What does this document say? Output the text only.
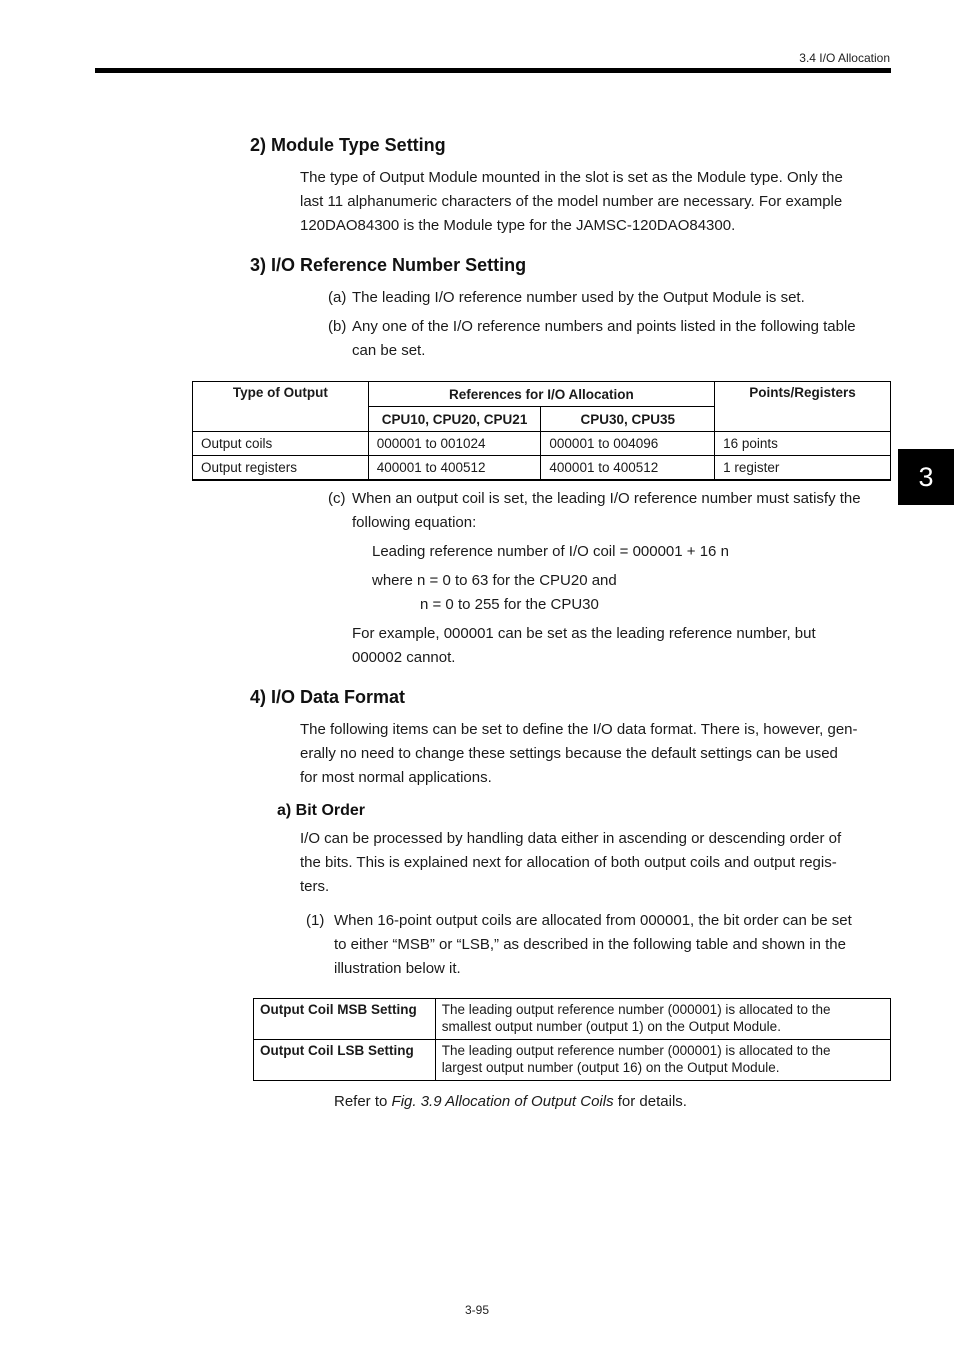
3.4 I/O Allocation
3
2) Module Type Setting

The type of Output Module mounted in the slot is set as the Module type. Only the
last 11 alphanumeric characters of the model number are necessary. For example
120DAO84300 is the Module type for the JAMSC-120DAO84300.

3) I/O Reference Number Setting
(a) The leading I/O reference number used by the Output Module is set.
(b) Any one of the I/O reference numbers and points listed in the following table
can be set.
Type of Output	References for I/O Allocation		Points/Registers
	CPU10, CPU20, CPU21	CPU30, CPU35	
Output coils	000001 to 001024	000001 to 004096	16 points
Output registers	400001 to 400512	400001 to 400512	1 register
(c) When an output coil is set, the leading I/O reference number must satisfy the
following equation:

Leading reference number of I/O coil = 000001 + 16 n

where n = 0 to 63 for the CPU20 and

n = 0 to 255 for the CPU30

For example, 000001 can be set as the leading reference number, but
000002 cannot.

4) I/O Data Format

The following items can be set to define the I/O data format. There is, however, gen-
erally no need to change these settings because the default settings can be used
for most normal applications.

a) Bit Order

I/O can be processed by handling data either in ascending or descending order of
the bits. This is explained next for allocation of both output coils and output regis-
ters.

(1) When 16-point output coils are allocated from 000001, the bit order can be set
to either “MSB” or “LSB,” as described in the following table and shown in the
illustration below it.
Output Coil MSB Setting	The leading output reference number (000001) is allocated to the
smallest output number (output 1) on the Output Module.
Output Coil LSB Setting	The leading output reference number (000001) is allocated to the
largest output number (output 16) on the Output Module.

Refer to Fig. 3.9 Allocation of Output Coils for details.

3-95
